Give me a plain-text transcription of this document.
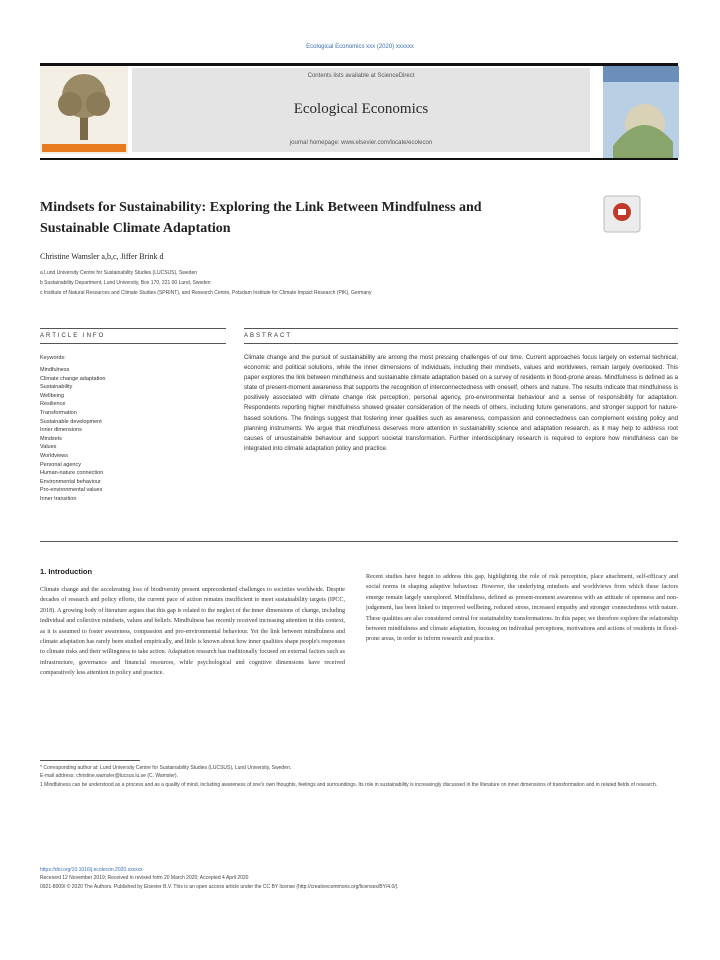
Ecological Economics xxx (2020) xxxxxx
Contents lists available at ScienceDirect
Ecological Economics
journal homepage: www.elsevier.com/locate/ecolecon
Mindsets for Sustainability: Exploring the Link Between Mindfulness and
Sustainable Climate Adaptation
Christine Wamsler a,b,c, Jiffer Brink d
a Lund University Centre for Sustainability Studies (LUCSUS), Sweden
b Sustainability Department, Lund University, Box 170, 221 00 Lund, Sweden
c Institute of Natural Resources and Climate Studies (SPRINT), and Research Centre, Potsdam Institute for Climate Impact Research (PIK), Germany
ARTICLE INFO	ABSTRACT
Keywords:
Mindfulness
Climate change adaptation
Sustainability
Wellbeing
Resilience
Transformation
Sustainable development
Inner dimensions
Mindsets
Values
Worldviews
Personal agency
Human-nature connection
Environmental behaviour
Pro-environmental values
Inner transition
Climate change and the pursuit of sustainability are among the most pressing challenges of our time. Current approaches focus largely on external technical, economic and political solutions, while the inner dimensions of individuals, including their mindsets, values and worldviews, remain largely overlooked. This paper explores the link between mindfulness and sustainable climate adaptation based on a survey of residents in flood-prone areas. Mindfulness is defined as a state of present-moment awareness that supports the recognition of interconnectedness with oneself, others and nature. The results indicate that mindfulness is positively associated with climate change risk perception, personal agency, pro-environmental behaviour and a sense of responsibility for adaptation. Respondents reporting higher mindfulness showed greater consideration of the needs of others, including future generations, and stronger support for nature-based solutions. The findings suggest that fostering inner qualities such as awareness, compassion and connectedness can complement existing policy and planning instruments. We argue that mindfulness deserves more attention in sustainability science and adaptation research, as it may help to address root causes of unsustainable behaviour and support societal transformation. Further interdisciplinary research is required to explore how mindfulness can be integrated into climate adaptation policy and practice.
1. Introduction
Climate change and the accelerating loss of biodiversity present unprecedented challenges to societies worldwide. Despite decades of research and policy efforts, the current pace of action remains insufficient to meet sustainability targets (IPCC, 2018). A growing body of literature argues that this gap is related to the neglect of the inner dimensions of change, including individual and collective mindsets, values and beliefs. Mindfulness has recently received increasing attention in this context, as it is assumed to foster awareness, compassion and pro-environmental behaviour. Yet the link between mindfulness and climate adaptation has rarely been studied empirically, and little is known about how inner qualities shape people's responses to climate risks and their willingness to take action. Adaptation research has traditionally focused on external factors such as infrastructure, governance and financial resources, while psychological and cognitive dimensions have received comparatively less attention in policy and practice.
Recent studies have begun to address this gap, highlighting the role of risk perception, place attachment, self-efficacy and social norms in shaping adaptive behaviour. However, the underlying mindsets and worldviews from which these factors emerge remain largely unexplored. Mindfulness, defined as present-moment awareness with an attitude of openness and non-judgement, has been linked to improved wellbeing, reduced stress, increased empathy and stronger connectedness with nature. These qualities are also considered central for sustainability transformations. In this paper, we therefore explore the relationship between mindfulness and climate adaptation, focusing on individual perceptions, motivations and actions of residents in flood-prone areas, in order to inform research and practice.
* Corresponding author at: Lund University Centre for Sustainability Studies (LUCSUS), Lund University, Sweden.
E-mail address: christine.wamsler@lucsus.lu.se (C. Wamsler).
1 Mindfulness can be understood as a process and as a quality of mind, including awareness of one's own thoughts, feelings and surroundings. Its role in sustainability is increasingly discussed in the literature on inner dimensions of transformation and in related fields of research.
https://doi.org/10.1016/j.ecolecon.2020.xxxxxx
Received 12 November 2019; Received in revised form 20 March 2020; Accepted 4 April 2020
0921-8009/ © 2020 The Authors. Published by Elsevier B.V. This is an open access article under the CC BY license (http://creativecommons.org/licenses/BY/4.0/).
